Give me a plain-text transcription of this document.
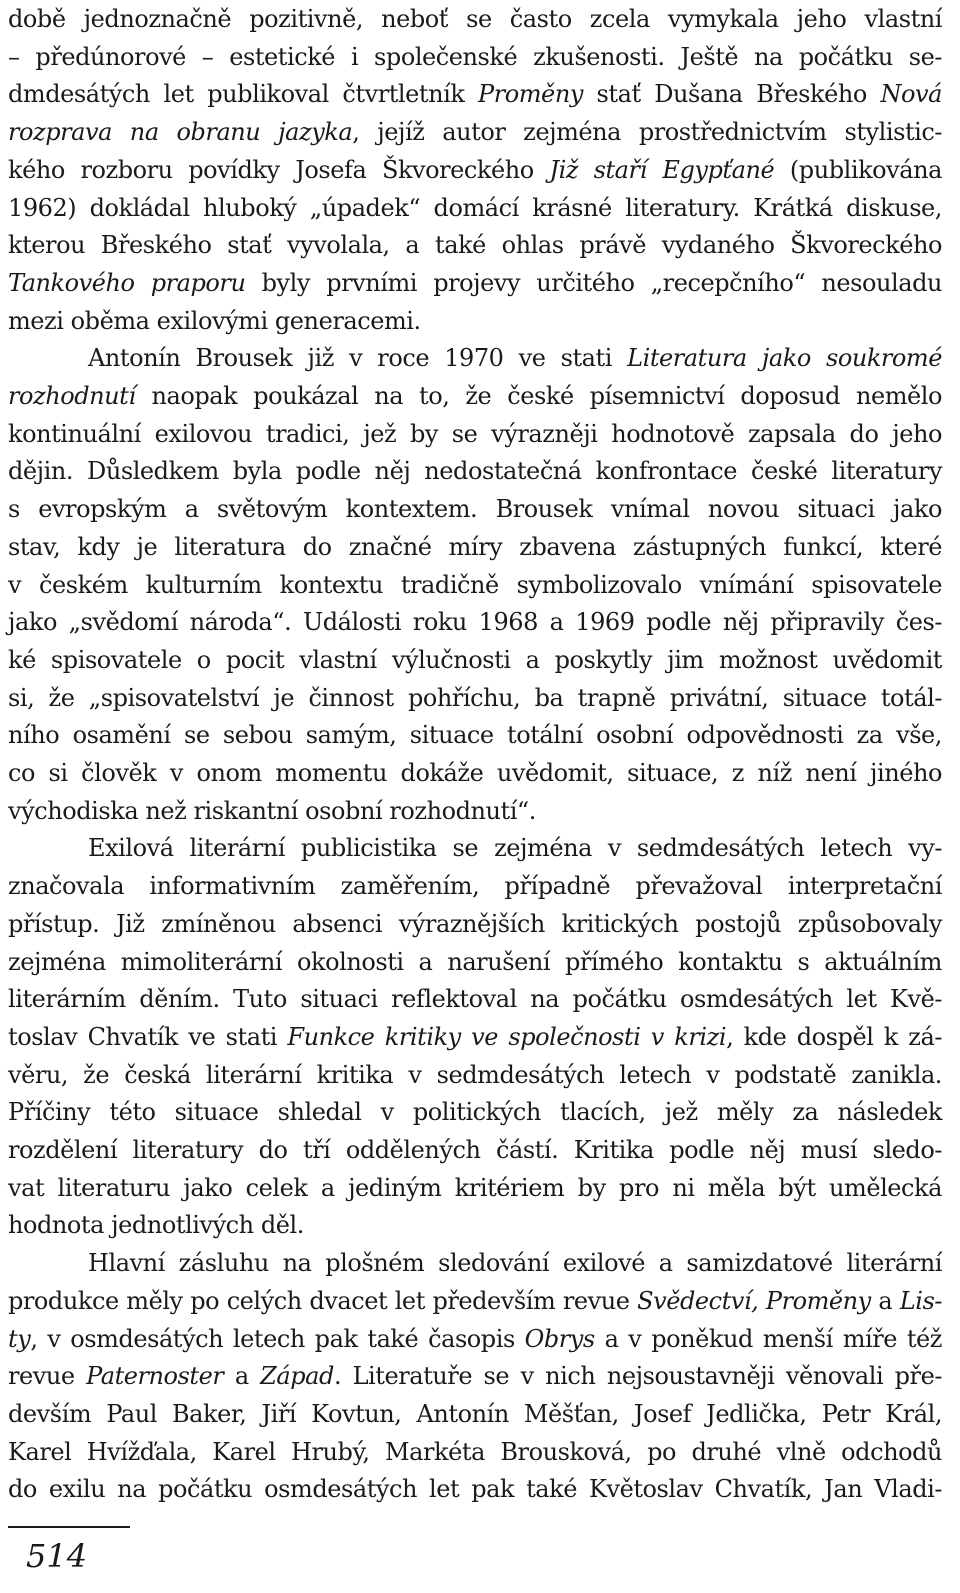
době jednoznačně pozitivně, neboť se často zcela vymykala jeho vlastní
– předúnorové – estetické i společenské zkušenosti. Ještě na počátku se-
dmdesátých let publikoval čtvrtletník Proměny stať Dušana Břeského Nová
rozprava na obranu jazyka, jejíž autor zejména prostřednictvím stylistic-
kého rozboru povídky Josefa Škvoreckého Již staří Egypťané (publikována
1962) dokládal hluboký „úpadek“ domácí krásné literatury. Krátká diskuse,
kterou Břeského stať vyvolala, a také ohlas právě vydaného Škvoreckého
Tankového praporu byly prvními projevy určitého „recepčního“ nesouladu
mezi oběma exilovými generacemi.
Antonín Brousek již v roce 1970 ve stati Literatura jako soukromé
rozhodnutí naopak poukázal na to, že české písemnictví doposud nemělo
kontinuální exilovou tradici, jež by se výrazněji hodnotově zapsala do jeho
dějin. Důsledkem byla podle něj nedostatečná konfrontace české literatury
s evropským a světovým kontextem. Brousek vnímal novou situaci jako
stav, kdy je literatura do značné míry zbavena zástupných funkcí, které
v českém kulturním kontextu tradičně symbolizovalo vnímání spisovatele
jako „svědomí národa“. Události roku 1968 a 1969 podle něj připravily čes-
ké spisovatele o pocit vlastní výlučnosti a poskytly jim možnost uvědomit
si, že „spisovatelství je činnost pohříchu, ba trapně privátní, situace totál-
ního osamění se sebou samým, situace totální osobní odpovědnosti za vše,
co si člověk v onom momentu dokáže uvědomit, situace, z níž není jiného
východiska než riskantní osobní rozhodnutí“.
Exilová literární publicistika se zejména v sedmdesátých letech vy-
značovala informativním zaměřením, případně převažoval interpretační
přístup. Již zmíněnou absenci výraznějších kritických postojů způsobovaly
zejména mimoliterární okolnosti a narušení přímého kontaktu s aktuálním
literárním děním. Tuto situaci reflektoval na počátku osmdesátých let Kvě-
toslav Chvatík ve stati Funkce kritiky ve společnosti v krizi, kde dospěl k zá-
věru, že česká literární kritika v sedmdesátých letech v podstatě zanikla.
Příčiny této situace shledal v politických tlacích, jež měly za následek
rozdělení literatury do tří oddělených částí. Kritika podle něj musí sledo-
vat literaturu jako celek a jediným kritériem by pro ni měla být umělecká
hodnota jednotlivých děl.
Hlavní zásluhu na plošném sledování exilové a samizdatové literární
produkce měly po celých dvacet let především revue Svědectví, Proměny a Lis-
ty, v osmdesátých letech pak také časopis Obrys a v poněkud menší míře též
revue Paternoster a Západ. Literatuře se v nich nejsoustavněji věnovali pře-
devším Paul Baker, Jiří Kovtun, Antonín Měšťan, Josef Jedlička, Petr Král,
Karel Hvížďala, Karel Hrubý, Markéta Brousková, po druhé vlně odchodů
do exilu na počátku osmdesátých let pak také Květoslav Chvatík, Jan Vladi-
514
